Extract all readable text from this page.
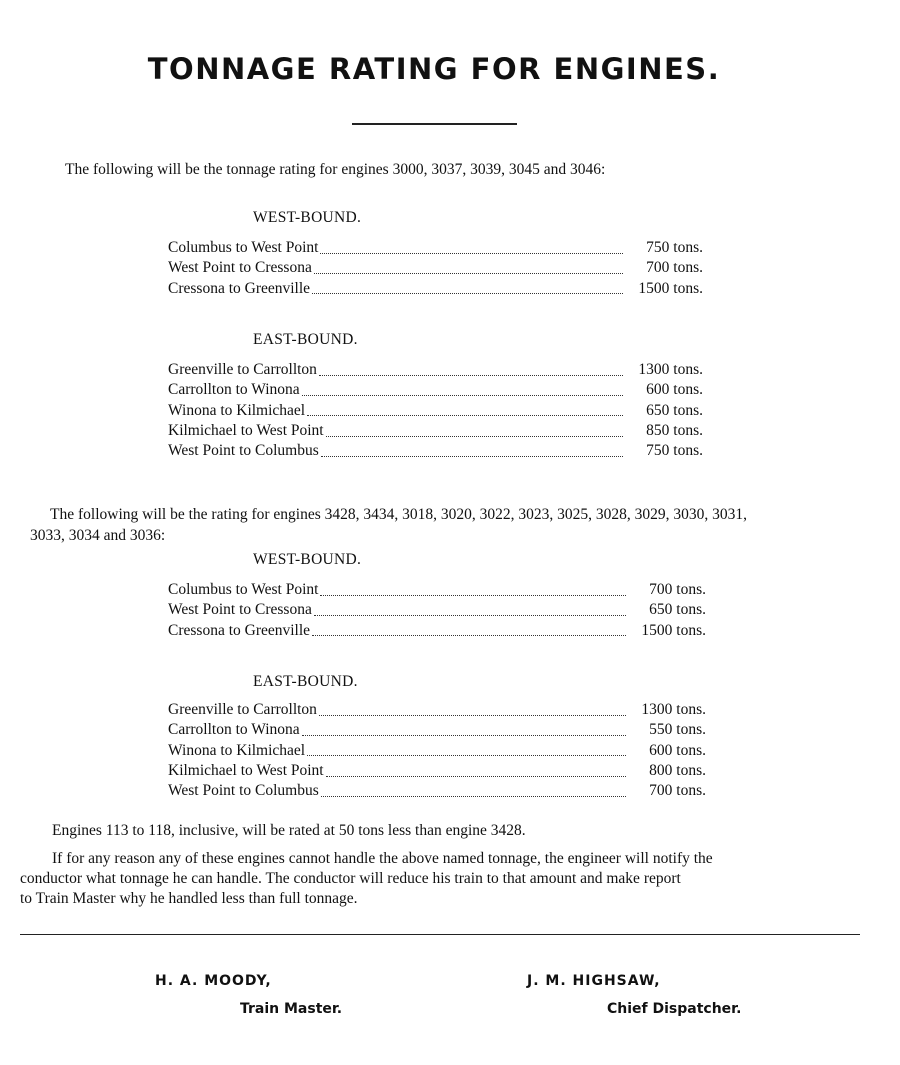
TONNAGE RATING FOR ENGINES.

The following will be the tonnage rating for engines 3000, 3037, 3039, 3045 and 3046:

WEST-BOUND.

Columbus to West Point	750 tons.
West Point to Cressona	700 tons.
Cressona to Greenville	1500 tons.

EAST-BOUND.

Greenville to Carrollton	1300 tons.
Carrollton to Winona	600 tons.
Winona to Kilmichael	650 tons.
Kilmichael to West Point	850 tons.
West Point to Columbus	750 tons.

The following will be the rating for engines 3428, 3434, 3018, 3020, 3022, 3023, 3025, 3028, 3029, 3030, 3031,

3033, 3034 and 3036:

WEST-BOUND.

Columbus to West Point	700 tons.
West Point to Cressona	650 tons.
Cressona to Greenville	1500 tons.

EAST-BOUND.

Greenville to Carrollton	1300 tons.
Carrollton to Winona	550 tons.
Winona to Kilmichael	600 tons.
Kilmichael to West Point	800 tons.
West Point to Columbus	700 tons.

Engines 113 to 118, inclusive, will be rated at 50 tons less than engine 3428.

If for any reason any of these engines cannot handle the above named tonnage, the engineer will notify the

conductor what tonnage he can handle. The conductor will reduce his train to that amount and make report

to Train Master why he handled less than full tonnage.

H. A. MOODY,

Train Master.

J. M. HIGHSAW,

Chief Dispatcher.
